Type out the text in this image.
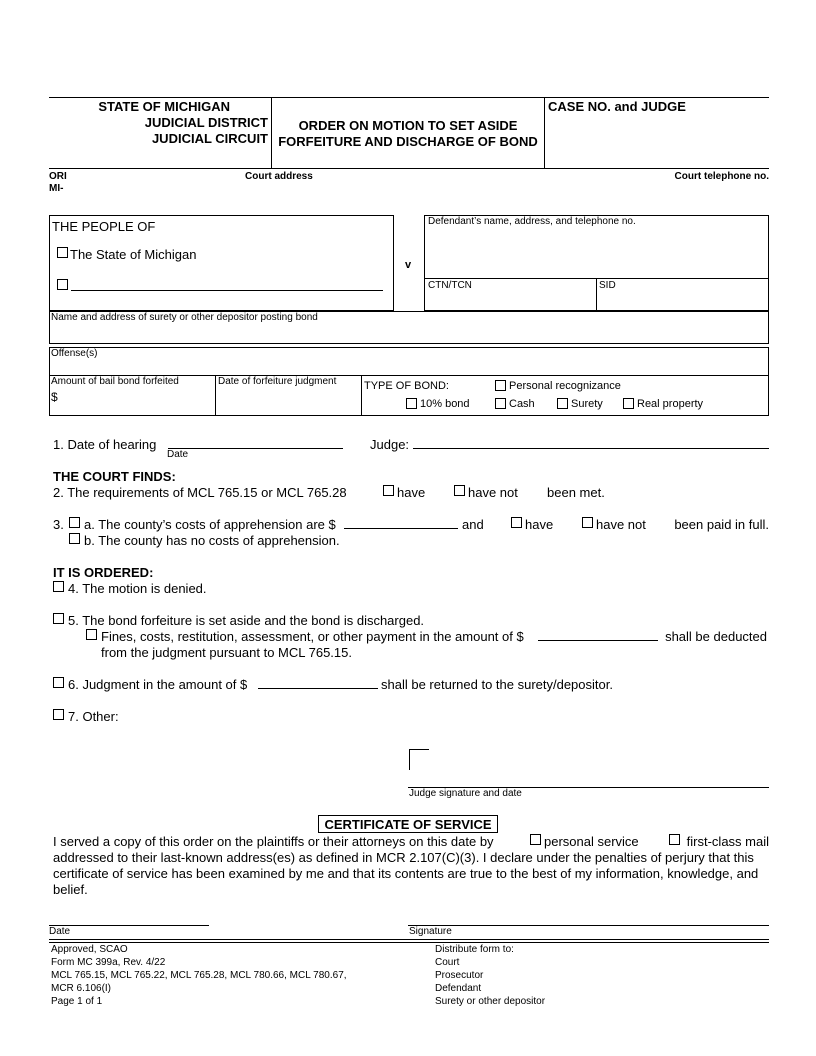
STATE OF MICHIGAN
JUDICIAL DISTRICT
JUDICIAL CIRCUIT
ORDER ON MOTION TO SET ASIDE
FORFEITURE AND DISCHARGE OF BOND
CASE NO. and JUDGE
ORI
MI-
Court address	Court telephone no.
THE PEOPLE OF
The State of Michigan
v
Defendant’s name, address, and telephone no.
CTN/TCN	SID
Name and address of surety or other depositor posting bond
Offense(s)
Amount of bail bond forfeited
$
Date of forfeiture judgment	TYPE OF BOND:	Personal recognizance
10% bond	Cash	Surety	Real property
1. Date of hearing
Date
Judge:
THE COURT FINDS:
2. The requirements of MCL 765.15 or MCL 765.28	have	have not been met.
3. a. The county’s costs of apprehension are $	and	have	have not been paid in full.
b. The county has no costs of apprehension.
IT IS ORDERED:
4. The motion is denied.
5. The bond forfeiture is set aside and the bond is discharged.
Fines, costs, restitution, assessment, or other payment in the amount of $	shall be deducted
from the judgment pursuant to MCL 765.15.
6. Judgment in the amount of $	shall be returned to the surety/depositor.
7. Other:
Judge signature and date
CERTIFICATE OF SERVICE
I served a copy of this order on the plaintiffs or their attorneys on this date by	personal service	first-class mail
addressed to their last-known address(es) as defined in MCR 2.107(C)(3). I declare under the penalties of perjury that this
certificate of service has been examined by me and that its contents are true to the best of my information, knowledge, and
belief.
Date	Signature
Approved, SCAO
Form MC 399a, Rev. 4/22
MCL 765.15, MCL 765.22, MCL 765.28, MCL 780.66, MCL 780.67,
MCR 6.106(I)
Page 1 of 1
Distribute form to:
Court
Prosecutor
Defendant
Surety or other depositor
